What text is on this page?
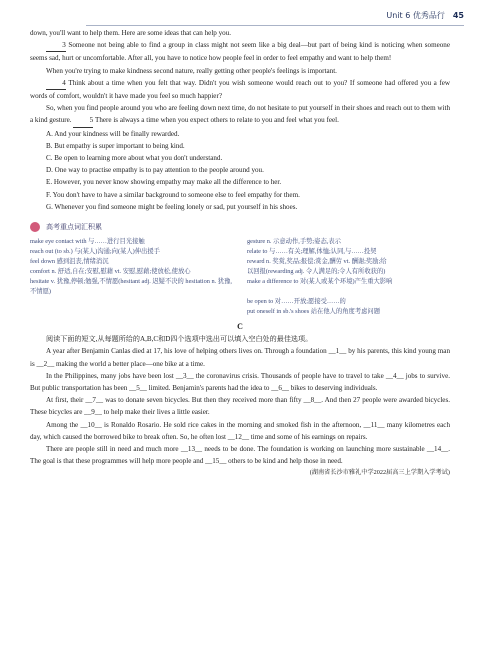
Unit 6 优秀品行 45

down, you'll want to help them. Here are some ideas that can help you.

3 Someone not being able to find a group in class might not seem like a big deal—but part of being kind is noticing when someone seems sad, hurt or uncomfortable. After all, you have to notice how people feel in order to feel empathy and want to help them!

When you're trying to make kindness second nature, really getting other people's feelings is important.

4 Think about a time when you felt that way. Didn't you wish someone would reach out to you? If someone had offered you a few words of comfort, wouldn't it have made you feel so much happier?

So, when you find people around you who are feeling down next time, do not hesitate to put yourself in their shoes and reach out to them with a kind gesture.	5 There is always a time when you expect others to relate to you and feel what you feel.

A. And your kindness will be finally rewarded.

B. But empathy is super important to being kind.

C. Be open to learning more about what you don't understand.

D. One way to practise empathy is to pay attention to the people around you.

E. However, you never know showing empathy may make all the difference to her.

F. You don't have to have a similar background to someone else to feel empathy for them.

G. Whenever you find someone might be feeling lonely or sad, put yourself in his shoes.

高考重点词汇积累
make eye contact with 与……进行目光接触	gesture n. 示意动作,手势;姿态,表示
reach out (to sb.) 与(某人)沟通;向(某人)伸出援手	relate to 与……有关;理解,体恤;认同,与……投契
feel down 感到沮丧,情绪消沉	reward n. 奖赏,奖品;报偿;赏金,酬劳 vt. 酬谢;奖励;给
comfort n. 舒适,自在;安慰,慰藉 vt. 安慰,慰藉;使放松,使放心	以回报(rewarding adj. 令人满足的;令人有所收获的)
hesitate v. 犹豫,停顿;勉强,不情愿(hesitant adj. 迟疑不决的 hesitation n. 犹豫,不情愿)
make a difference to 对(某人或某个环境)产生重大影响
be open to 对……开放;愿接受……的
put oneself in sb.'s shoes 站在他人的角度考虑问题
C

阅读下面的短文,从每题所给的A,B,C和D四个选项中选出可以填入空白处的最佳选项。

A year after Benjamin Canlas died at 17, his love of helping others lives on. Through a foundation __1__ by his parents, this kind young man is __2__ making the world a better place—one bike at a time.

In the Philippines, many jobs have been lost __3__ the coronavirus crisis. Thousands of people have to travel to take __4__ jobs to survive. But public transportation has been __5__ limited. Benjamin's parents had the idea to __6__ bikes to deserving individuals.

At first, their __7__ was to donate seven bicycles. But then they received more than fifty __8__. And then 27 people were awarded bicycles. These bicycles are __9__ to help make their lives a little easier.

Among the __10__ is Ronaldo Rosario. He sold rice cakes in the morning and smoked fish in the afternoon, __11__ many kilometres each day, which caused the borrowed bike to break often. So, he often lost __12__ time and some of his earnings on repairs.

There are people still in need and much more __13__ needs to be done. The foundation is working on launching more sustainable __14__. The goal is that these programmes will help more people and __15__ others to be kind and help those in need.
(湖南省长沙市雅礼中学2022届高三上学期入学考试)
